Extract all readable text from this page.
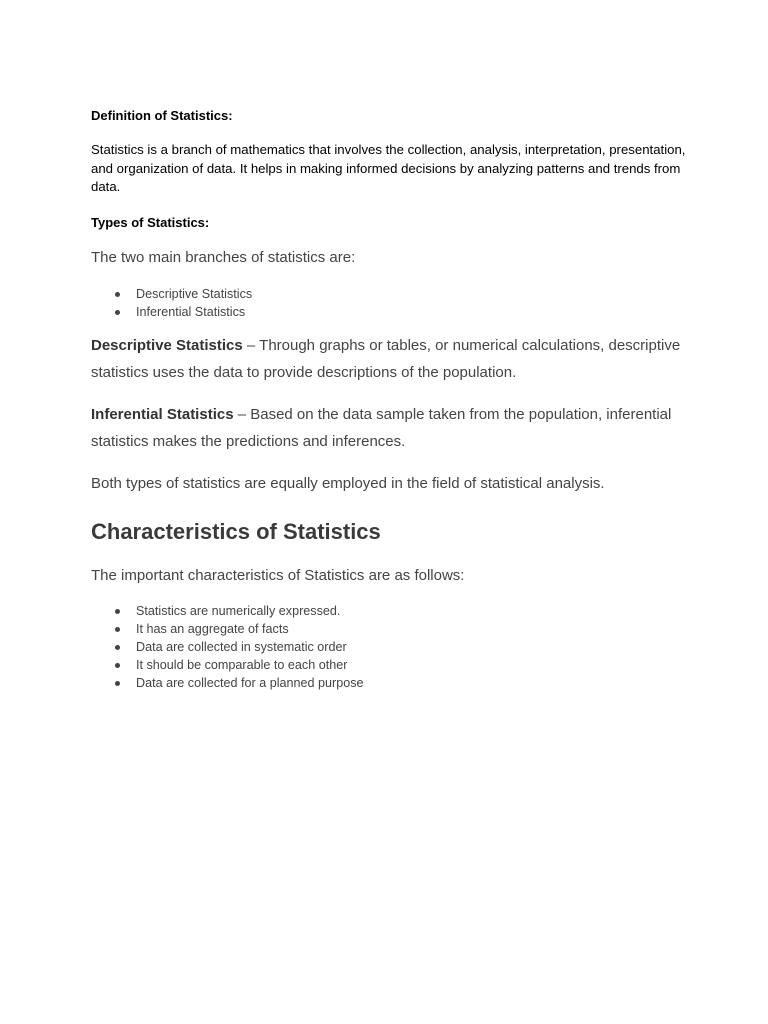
Definition of Statistics:

Statistics is a branch of mathematics that involves the collection, analysis, interpretation, presentation, and organization of data. It helps in making informed decisions by analyzing patterns and trends from data.

Types of Statistics:

The two main branches of statistics are:

Descriptive Statistics
Inferential Statistics

Descriptive Statistics – Through graphs or tables, or numerical calculations, descriptive statistics uses the data to provide descriptions of the population.

Inferential Statistics – Based on the data sample taken from the population, inferential statistics makes the predictions and inferences.

Both types of statistics are equally employed in the field of statistical analysis.

Characteristics of Statistics

The important characteristics of Statistics are as follows:

Statistics are numerically expressed.
It has an aggregate of facts
Data are collected in systematic order
It should be comparable to each other
Data are collected for a planned purpose
